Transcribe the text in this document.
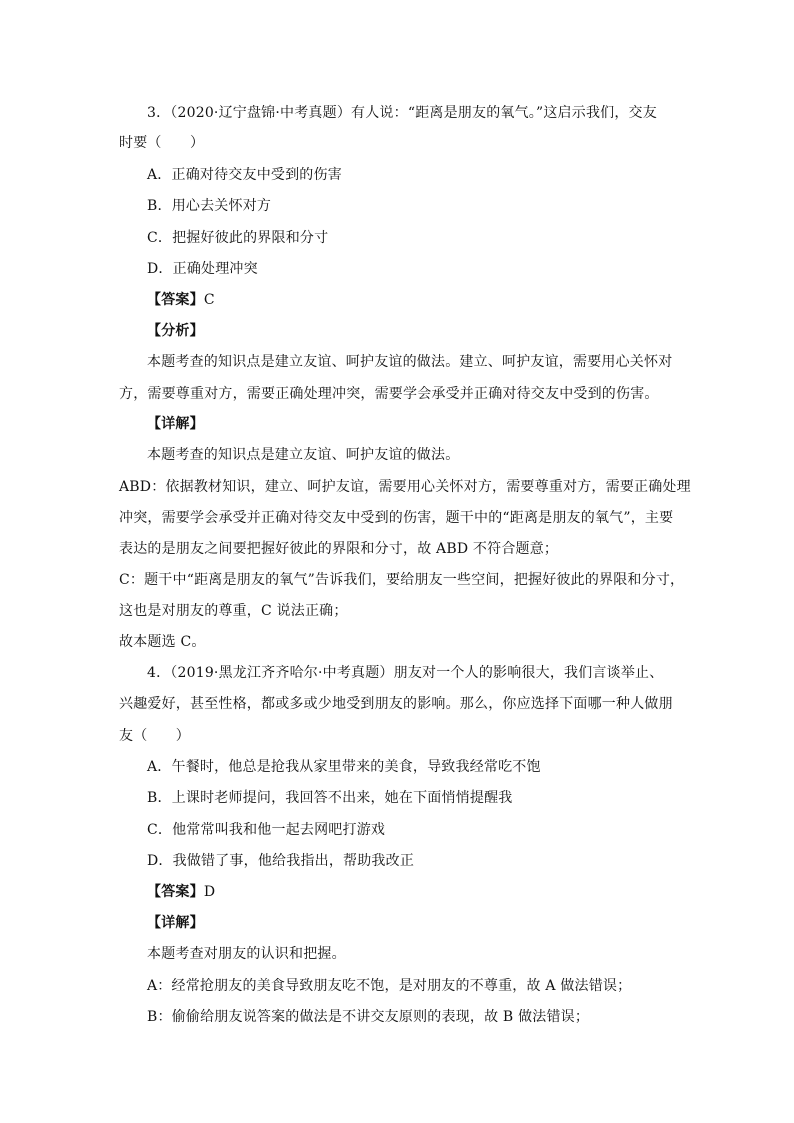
3．（2020·辽宁盘锦·中考真题）有人说：“距离是朋友的氧气。”这启示我们，交友
时要（　　）
A．正确对待交友中受到的伤害
B．用心去关怀对方
C．把握好彼此的界限和分寸
D．正确处理冲突
【答案】C
【分析】
本题考查的知识点是建立友谊、呵护友谊的做法。建立、呵护友谊，需要用心关怀对
方，需要尊重对方，需要正确处理冲突，需要学会承受并正确对待交友中受到的伤害。
【详解】
本题考查的知识点是建立友谊、呵护友谊的做法。
ABD：依据教材知识，建立、呵护友谊，需要用心关怀对方，需要尊重对方，需要正确处理
冲突，需要学会承受并正确对待交友中受到的伤害，题干中的“距离是朋友的氧气”，主要
表达的是朋友之间要把握好彼此的界限和分寸，故 ABD 不符合题意；
C：题干中“距离是朋友的氧气”告诉我们，要给朋友一些空间，把握好彼此的界限和分寸，
这也是对朋友的尊重，C 说法正确；
故本题选 C。
4．（2019·黑龙江齐齐哈尔·中考真题）朋友对一个人的影响很大，我们言谈举止、
兴趣爱好，甚至性格，都或多或少地受到朋友的影响。那么，你应选择下面哪一种人做朋
友（　　）
A．午餐时，他总是抢我从家里带来的美食，导致我经常吃不饱
B．上课时老师提问，我回答不出来，她在下面悄悄提醒我
C．他常常叫我和他一起去网吧打游戏
D．我做错了事，他给我指出，帮助我改正
【答案】D
【详解】
本题考查对朋友的认识和把握。
A：经常抢朋友的美食导致朋友吃不饱，是对朋友的不尊重，故 A 做法错误；
B：偷偷给朋友说答案的做法是不讲交友原则的表现，故 B 做法错误；
